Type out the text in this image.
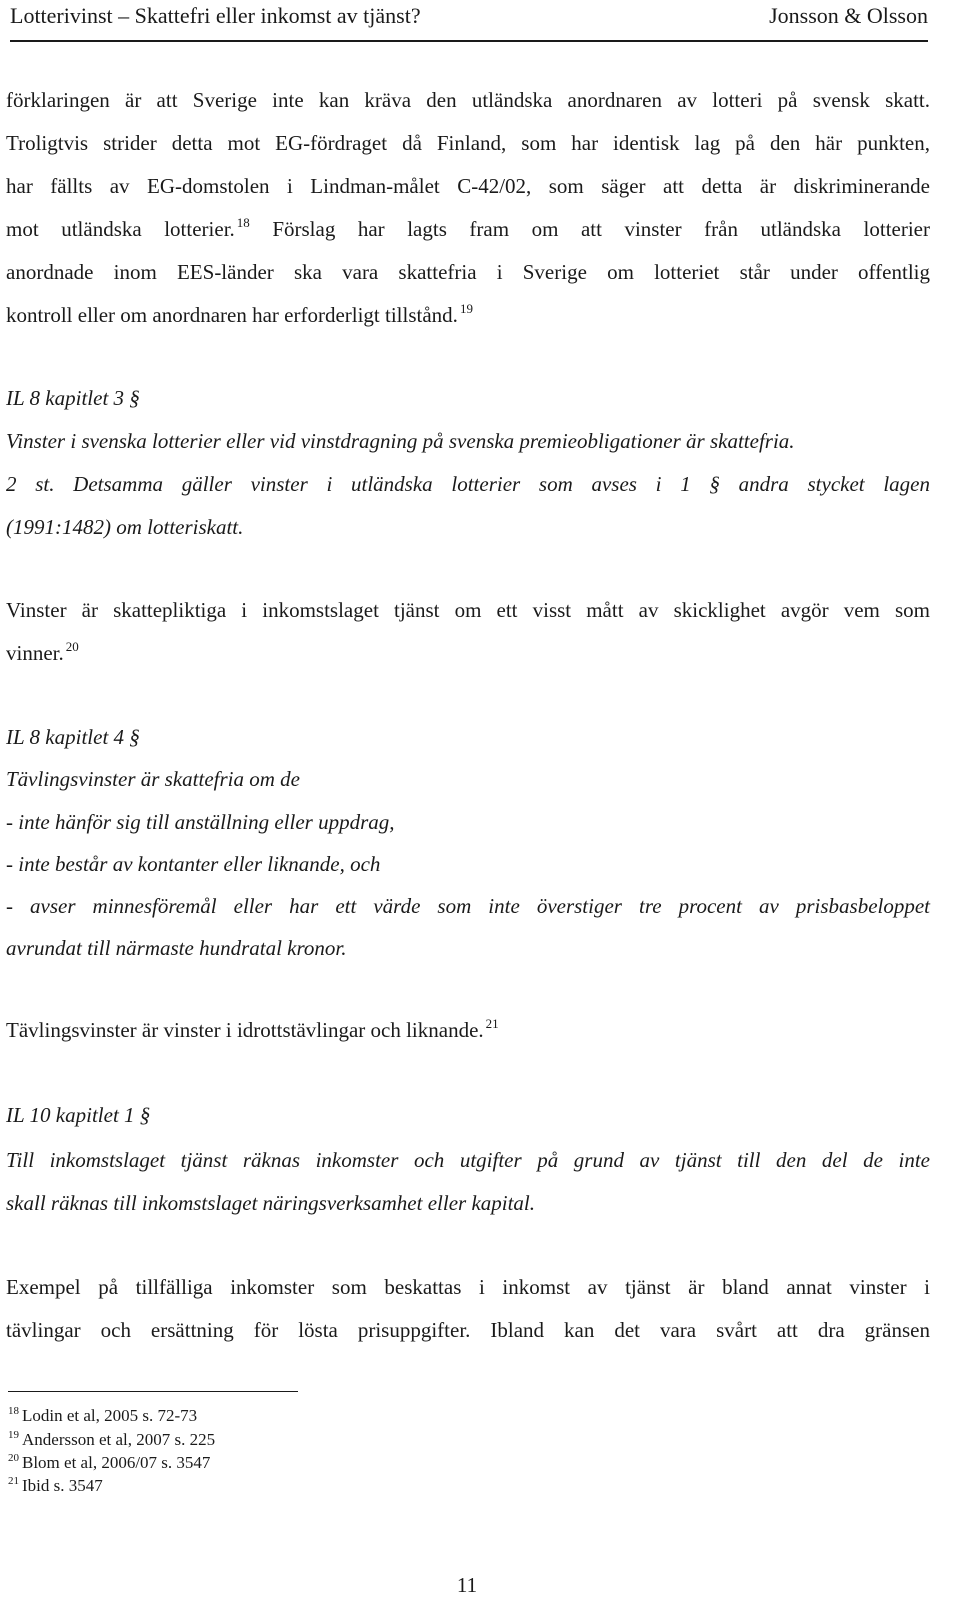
Lotterivinst – Skattefri eller inkomst av tjänst?	Jonsson & Olsson
förklaringen är att Sverige inte kan kräva den utländska anordnaren av lotteri på svensk skatt.
Troligtvis strider detta mot EG-fördraget då Finland, som har identisk lag på den här punkten,
har fällts av EG-domstolen i Lindman-målet C-42/02, som säger att detta är diskriminerande
mot utländska lotterier. $^{18}$ Förslag har lagts fram om att vinster från utländska lotterier
anordnade inom EES-länder ska vara skattefria i Sverige om lotteriet står under offentlig
kontroll eller om anordnaren har erforderligt tillstånd. $^{19}$
IL 8 kapitlet 3 §
Vinster i svenska lotterier eller vid vinstdragning på svenska premieobligationer är skattefria.
2 st. Detsamma gäller vinster i utländska lotterier som avses i 1 § andra stycket lagen
(1991:1482) om lotteriskatt.
Vinster är skattepliktiga i inkomstslaget tjänst om ett visst mått av skicklighet avgör vem som
vinner. $^{20}$
IL 8 kapitlet 4 §
Tävlingsvinster är skattefria om de
- inte hänför sig till anställning eller uppdrag,
- inte består av kontanter eller liknande, och
- avser minnesföremål eller har ett värde som inte överstiger tre procent av prisbasbeloppet
avrundat till närmaste hundratal kronor.
Tävlingsvinster är vinster i idrottstävlingar och liknande. $^{21}$
IL 10 kapitlet 1 §
Till inkomstslaget tjänst räknas inkomster och utgifter på grund av tjänst till den del de inte
skall räknas till inkomstslaget näringsverksamhet eller kapital.
Exempel på tillfälliga inkomster som beskattas i inkomst av tjänst är bland annat vinster i
tävlingar och ersättning för lösta prisuppgifter. Ibland kan det vara svårt att dra gränsen
$^{18}$ Lodin et al, 2005 s. 72-73
$^{19}$ Andersson et al, 2007 s. 225
$^{20}$ Blom et al, 2006/07 s. 3547
$^{21}$ Ibid s. 3547
11
